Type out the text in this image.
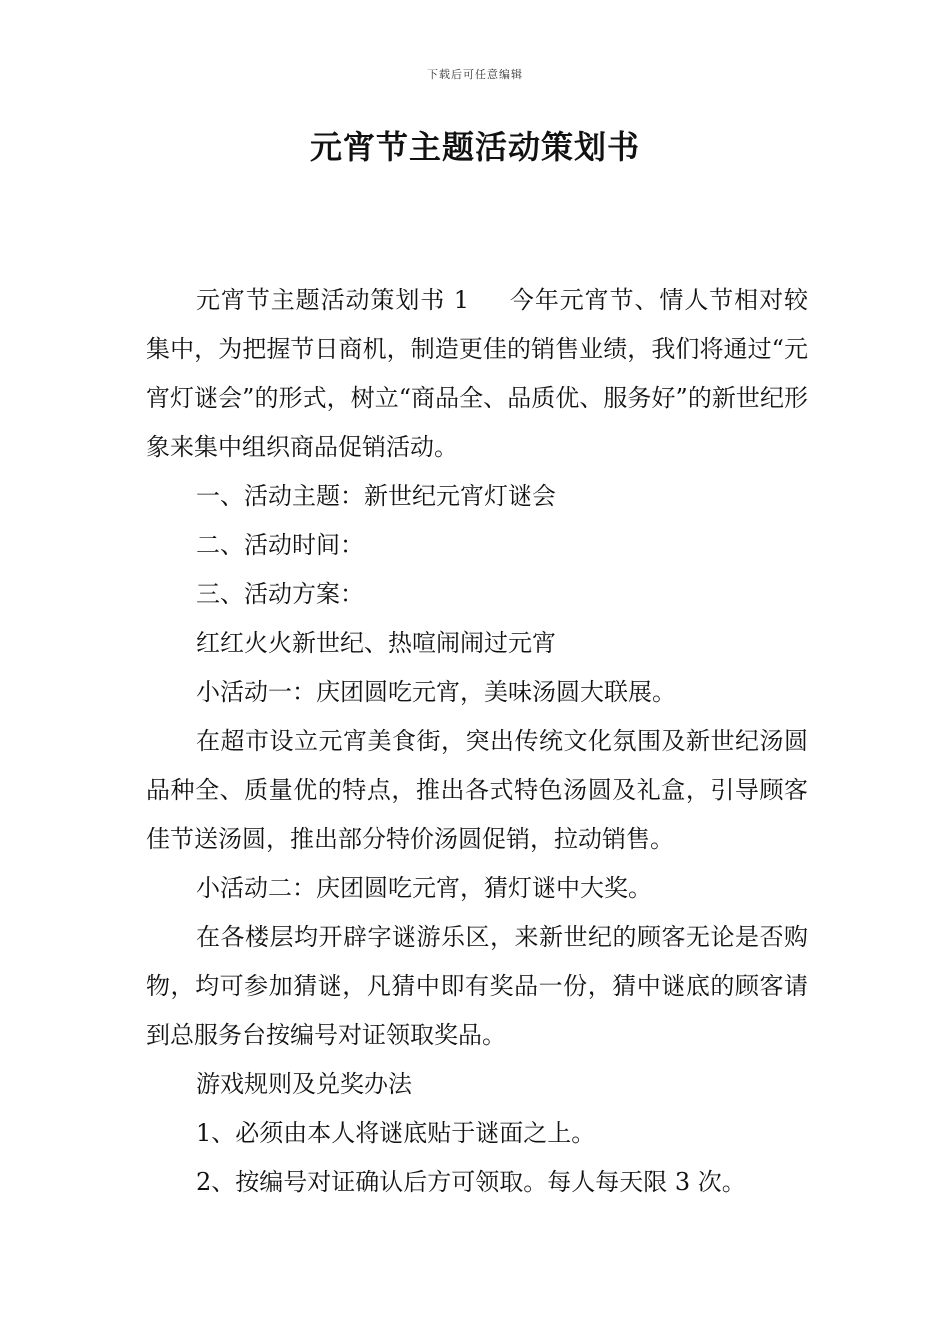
下载后可任意编辑
元宵节主题活动策划书

元宵节主题活动策划书 1 今年元宵节、情人节相对较集中，为把握节日商机，制造更佳的销售业绩，我们将通过“元宵灯谜会”的形式，树立“商品全、品质优、服务好”的新世纪形象来集中组织商品促销活动。

一、活动主题：新世纪元宵灯谜会

二、活动时间：

三、活动方案：

红红火火新世纪、热喧闹闹过元宵

小活动一：庆团圆吃元宵，美味汤圆大联展。

在超市设立元宵美食街，突出传统文化氛围及新世纪汤圆品种全、质量优的特点，推出各式特色汤圆及礼盒，引导顾客佳节送汤圆，推出部分特价汤圆促销，拉动销售。

小活动二：庆团圆吃元宵，猜灯谜中大奖。

在各楼层均开辟字谜游乐区，来新世纪的顾客无论是否购物，均可参加猜谜，凡猜中即有奖品一份，猜中谜底的顾客请到总服务台按编号对证领取奖品。

游戏规则及兑奖办法

1、必须由本人将谜底贴于谜面之上。

2、按编号对证确认后方可领取。每人每天限 3 次。
